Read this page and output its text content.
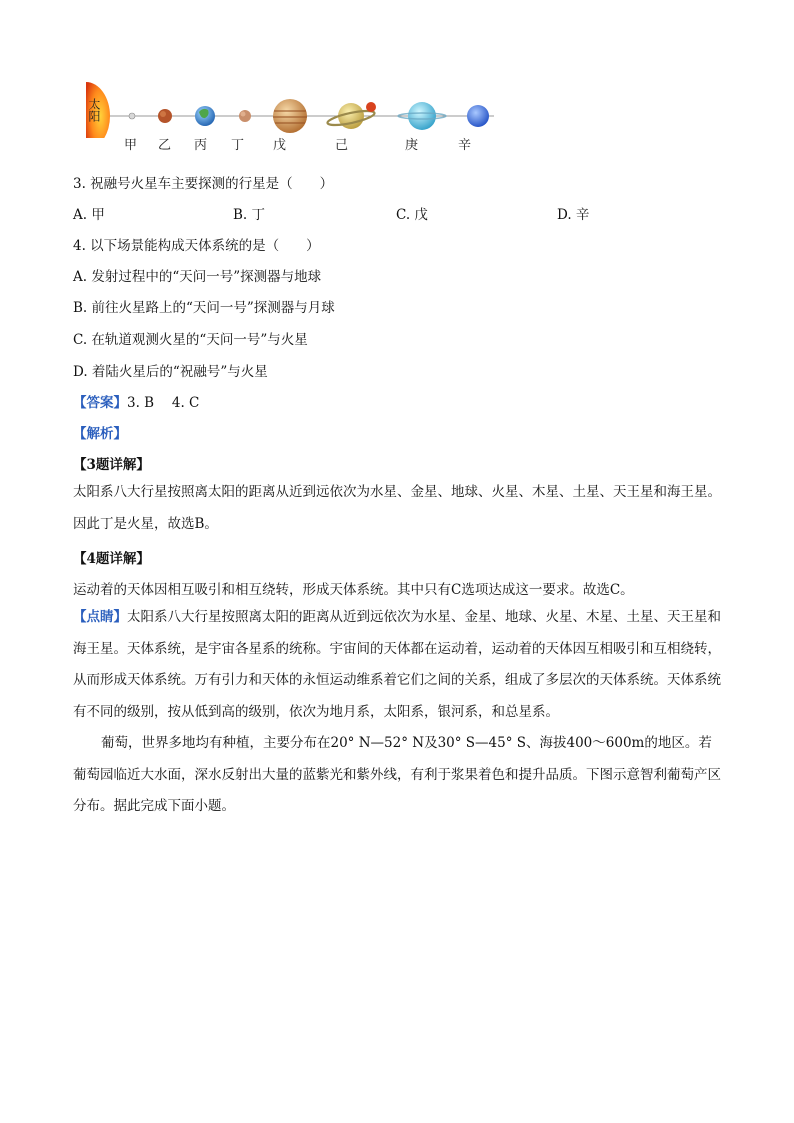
太阳
甲 乙 丙 丁 戊	己	庚	辛
3. 祝融号火星车主要探测的行星是（　　）
A. 甲	B. 丁	C. 戊	D. 辛
4. 以下场景能构成天体系统的是（　　）
A. 发射过程中的“天问一号”探测器与地球
B. 前往火星路上的“天问一号”探测器与月球
C. 在轨道观测火星的“天问一号”与火星
D. 着陆火星后的“祝融号”与火星
【答案】3. B　 4. C
【解析】
【3题详解】
太阳系八大行星按照离太阳的距离从近到远依次为水星、金星、地球、火星、木星、土星、天王星和海王星。因此丁是火星，故选B。
【4题详解】
运动着的天体因相互吸引和相互绕转，形成天体系统。其中只有C选项达成这一要求。故选C。
【点睛】太阳系八大行星按照离太阳的距离从近到远依次为水星、金星、地球、火星、木星、土星、天王星和海王星。天体系统，是宇宙各星系的统称。宇宙间的天体都在运动着，运动着的天体因互相吸引和互相绕转，从而形成天体系统。万有引力和天体的永恒运动维系着它们之间的关系，组成了多层次的天体系统。天体系统有不同的级别，按从低到高的级别，依次为地月系，太阳系，银河系，和总星系。
葡萄，世界多地均有种植，主要分布在20° N—52° N及30° S—45° S、海拔400～600m的地区。若葡萄园临近大水面，深水反射出大量的蓝紫光和紫外线，有利于浆果着色和提升品质。下图示意智利葡萄产区分布。据此完成下面小题。
